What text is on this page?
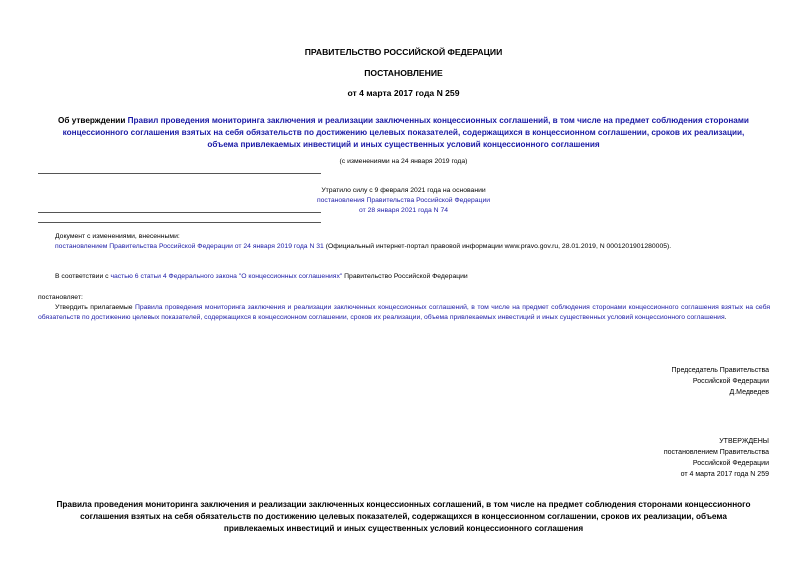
ПРАВИТЕЛЬСТВО РОССИЙСКОЙ ФЕДЕРАЦИИ
ПОСТАНОВЛЕНИЕ
от 4 марта 2017 года N 259
Об утверждении Правил проведения мониторинга заключения и реализации заключенных концессионных соглашений, в том числе на предмет соблюдения сторонами концессионного соглашения взятых на себя обязательств по достижению целевых показателей, содержащихся в концессионном соглашении, сроков их реализации, объема привлекаемых инвестиций и иных существенных условий концессионного соглашения
(с изменениями на 24 января 2019 года)
Утратило силу с 9 февраля 2021 года на основании
постановления Правительства Российской Федерации
от 28 января 2021 года N 74
Документ с изменениями, внесенными:
постановлением Правительства Российской Федерации от 24 января 2019 года N 31 (Официальный интернет-портал правовой информации www.pravo.gov.ru, 28.01.2019, N 0001201901280005).
В соответствии с частью 6 статьи 4 Федерального закона "О концессионных соглашениях" Правительство Российской Федерации
постановляет:
Утвердить прилагаемые Правила проведения мониторинга заключения и реализации заключенных концессионных соглашений, в том числе на предмет соблюдения сторонами концессионного соглашения взятых на себя обязательств по достижению целевых показателей, содержащихся в концессионном соглашении, сроков их реализации, объема привлекаемых инвестиций и иных существенных условий концессионного соглашения.
Председатель Правительства
Российской Федерации
Д.Медведев
УТВЕРЖДЕНЫ
постановлением Правительства
Российской Федерации
от 4 марта 2017 года N 259
Правила проведения мониторинга заключения и реализации заключенных концессионных соглашений, в том числе на предмет соблюдения сторонами концессионного соглашения взятых на себя обязательств по достижению целевых показателей, содержащихся в концессионном соглашении, сроков их реализации, объема привлекаемых инвестиций и иных существенных условий концессионного соглашения
